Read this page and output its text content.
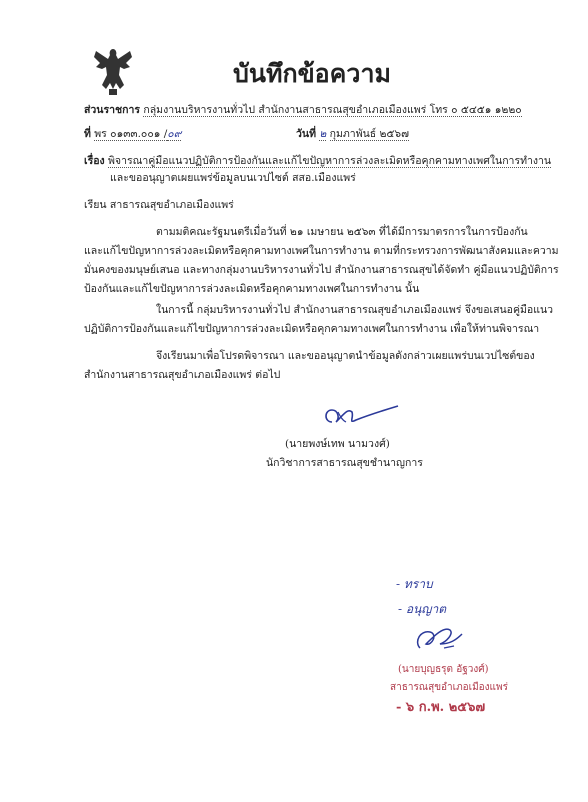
บันทึกข้อความ
ส่วนราชการ กลุ่มงานบริหารงานทั่วไป สำนักงานสาธารณสุขอำเภอเมืองแพร่ โทร ๐ ๕๔๕๑ ๑๒๒๐
ที่ พร ๐๑๓๓.๐๐๑ /๐๙	วันที่ ๒ กุมภาพันธ์ ๒๕๖๗
เรื่อง พิจารณาคู่มือแนวปฏิบัติการป้องกันและแก้ไขปัญหาการล่วงละเมิดหรือคุกคามทางเพศในการทำงาน
และขออนุญาตเผยแพร่ข้อมูลบนเวปไซต์ สสอ.เมืองแพร่
เรียน สาธารณสุขอำเภอเมืองแพร่
ตามมติคณะรัฐมนตรีเมื่อวันที่ ๒๑ เมษายน ๒๕๖๓ ที่ได้มีการมาตรการในการป้องกัน
และแก้ไขปัญหาการล่วงละเมิดหรือคุกคามทางเพศในการทำงาน ตามที่กระทรวงการพัฒนาสังคมและความ
มั่นคงของมนุษย์เสนอ และทางกลุ่มงานบริหารงานทั่วไป สำนักงานสาธารณสุขได้จัดทำ คู่มือแนวปฏิบัติการ
ป้องกันและแก้ไขปัญหาการล่วงละเมิดหรือคุกคามทางเพศในการทำงาน นั้น
ในการนี้ กลุ่มบริหารงานทั่วไป สำนักงานสาธารณสุขอำเภอเมืองแพร่ จึงขอเสนอคู่มือแนว
ปฏิบัติการป้องกันและแก้ไขปัญหาการล่วงละเมิดหรือคุกคามทางเพศในการทำงาน เพื่อให้ท่านพิจารณา
จึงเรียนมาเพื่อโปรดพิจารณา และขออนุญาตนำข้อมูลดังกล่าวเผยแพร่บนเวปไซต์ของ
สำนักงานสาธารณสุขอำเภอเมืองแพร่ ต่อไป
(นายพงษ์เทพ นามวงศ์)
นักวิชาการสาธารณสุขชำนาญการ
- ทราบ
- อนุญาต
(นายบุญธรุต อัฐวงศ์)
สาธารณสุขอำเภอเมืองแพร่
- ๖ ก.พ. ๒๕๖๗
